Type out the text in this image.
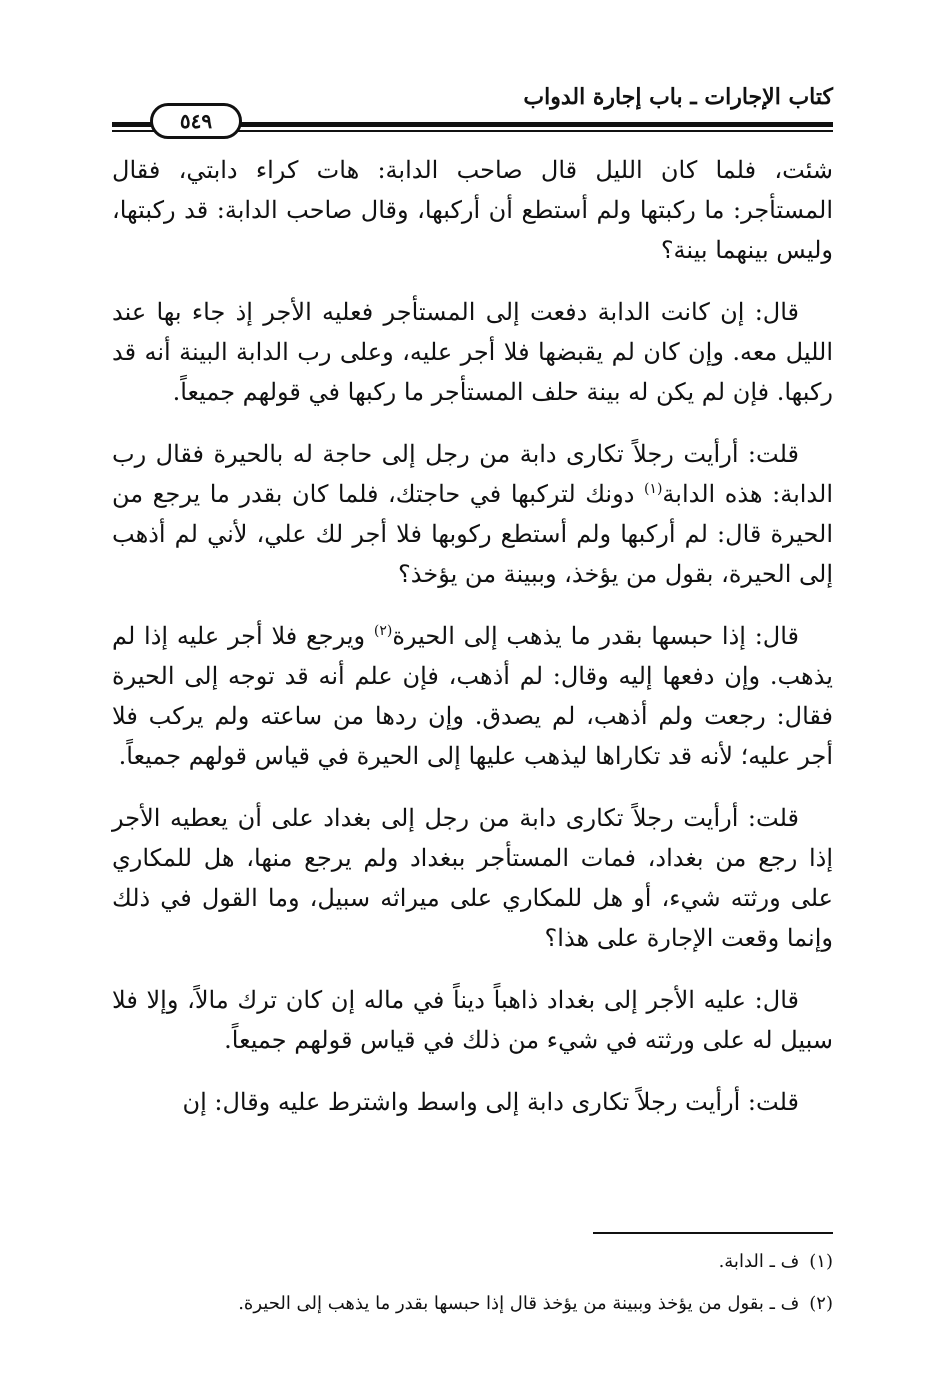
كتاب الإجارات ـ باب إجارة الدواب
٥٤٩

شئت، فلما كان الليل قال صاحب الدابة: هات كراء دابتي، فقال المستأجر: ما ركبتها ولم أستطع أن أركبها، وقال صاحب الدابة: قد ركبتها، وليس بينهما بينة؟

قال: إن كانت الدابة دفعت إلى المستأجر فعليه الأجر إذ جاء بها عند الليل معه. وإن كان لم يقبضها فلا أجر عليه، وعلى رب الدابة البينة أنه قد ركبها. فإن لم يكن له بينة حلف المستأجر ما ركبها في قولهم جميعاً.

قلت: أرأيت رجلاً تكارى دابة من رجل إلى حاجة له بالحيرة فقال رب الدابة: هذه الدابة$^{(١)}$ دونك لتركبها في حاجتك، فلما كان بقدر ما يرجع من الحيرة قال: لم أركبها ولم أستطع ركوبها فلا أجر لك علي، لأني لم أذهب إلى الحيرة، بقول من يؤخذ، وببينة من يؤخذ؟

قال: إذا حبسها بقدر ما يذهب إلى الحيرة$^{(٢)}$ ويرجع فلا أجر عليه إذا لم يذهب. وإن دفعها إليه وقال: لم أذهب، فإن علم أنه قد توجه إلى الحيرة فقال: رجعت ولم أذهب، لم يصدق. وإن ردها من ساعته ولم يركب فلا أجر عليه؛ لأنه قد تكاراها ليذهب عليها إلى الحيرة في قياس قولهم جميعاً.

قلت: أرأيت رجلاً تكارى دابة من رجل إلى بغداد على أن يعطيه الأجر إذا رجع من بغداد، فمات المستأجر ببغداد ولم يرجع منها، هل للمكاري على ورثته شيء، أو هل للمكاري على ميراثه سبيل، وما القول في ذلك وإنما وقعت الإجارة على هذا؟

قال: عليه الأجر إلى بغداد ذاهباً ديناً في ماله إن كان ترك مالاً، وإلا فلا سبيل له على ورثته في شيء من ذلك في قياس قولهم جميعاً.

قلت: أرأيت رجلاً تكارى دابة إلى واسط واشترط عليه وقال: إن

(١)ف ـ الدابة.
(٢)ف ـ بقول من يؤخذ وببينة من يؤخذ قال إذا حبسها بقدر ما يذهب إلى الحيرة.
